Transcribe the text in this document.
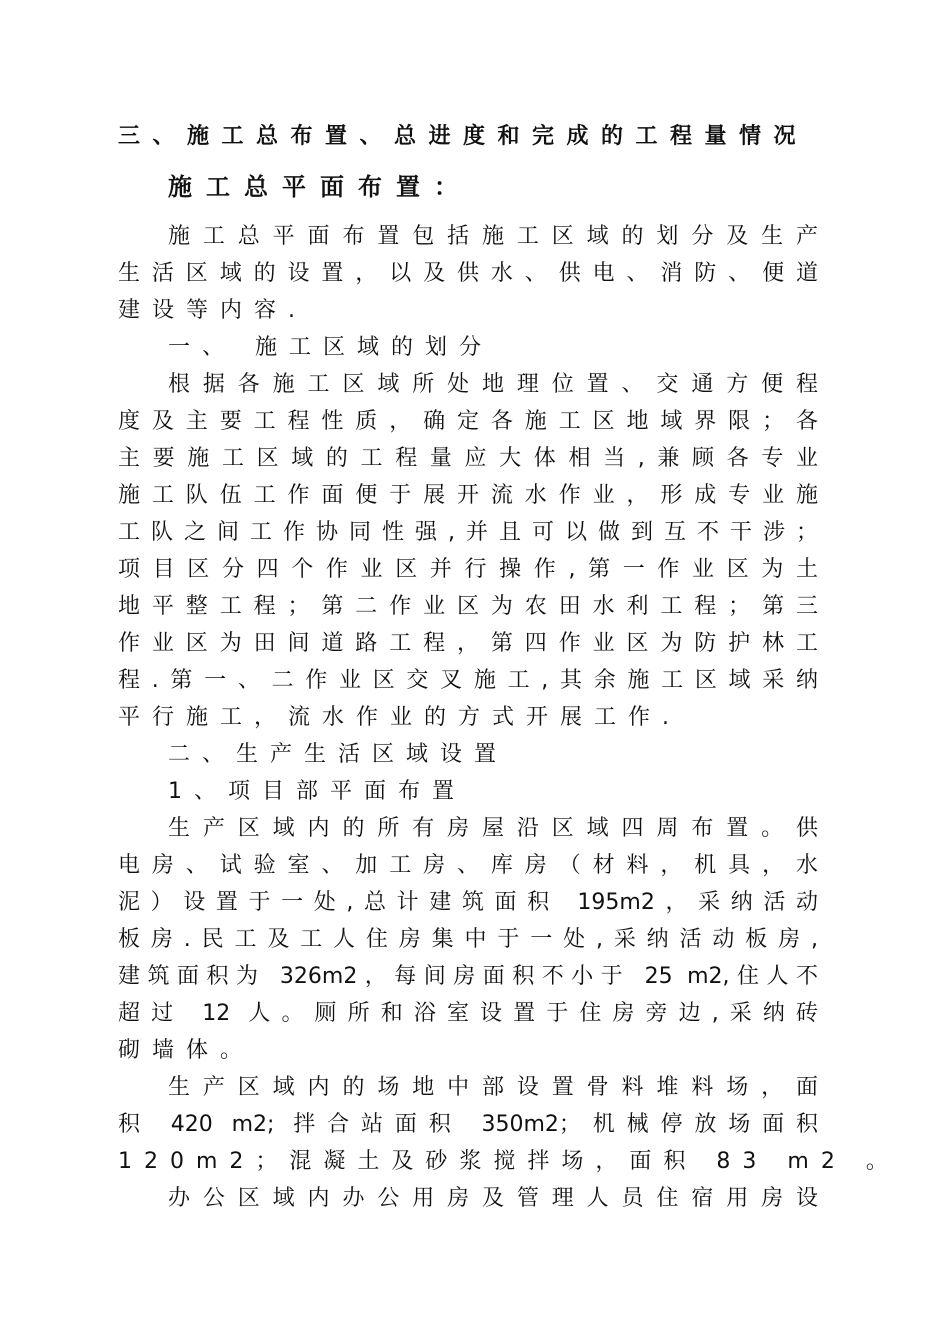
三、施工总布置、总进度和完成的工程量情况
施工总平面布置：
施工总平面布置包括施工区域的划分及生产
生活区域的设置，以及供水、供电、消防、便道
建设等内容.
一、 施工区域的划分
根据各施工区域所处地理位置、交通方便程
度及主要工程性质，确定各施工区地域界限；各
主要施工区域的工程量应大体相当,兼顾各专业
施工队伍工作面便于展开流水作业，形成专业施
工队之间工作协同性强,并且可以做到互不干涉；
项目区分四个作业区并行操作,第一作业区为土
地平整工程；第二作业区为农田水利工程；第三
作业区为田间道路工程，第四作业区为防护林工
程.第一、二作业区交叉施工,其余施工区域采纳
平行施工，流水作业的方式开展工作.
二、生产生活区域设置
1、项目部平面布置
生产区域内的所有房屋沿区域四周布置。供
电房、试验室、加工房、库房（材料，机具，水
泥）设置于一处,总计建筑面积 195m2，采纳活动
板房.民工及工人住房集中于一处,采纳活动板房,
建筑面积为 326m2，每间房面积不小于 25 m2,住人不
超过 12 人。厕所和浴室设置于住房旁边,采纳砖
砌墙体。
生产区域内的场地中部设置骨料堆料场，面
积 420 m2; 拌合站面积 350m2；机械停放场面积
120m2；混凝土及砂浆搅拌场，面积 83 m2 。
办公区域内办公用房及管理人员住宿用房设
